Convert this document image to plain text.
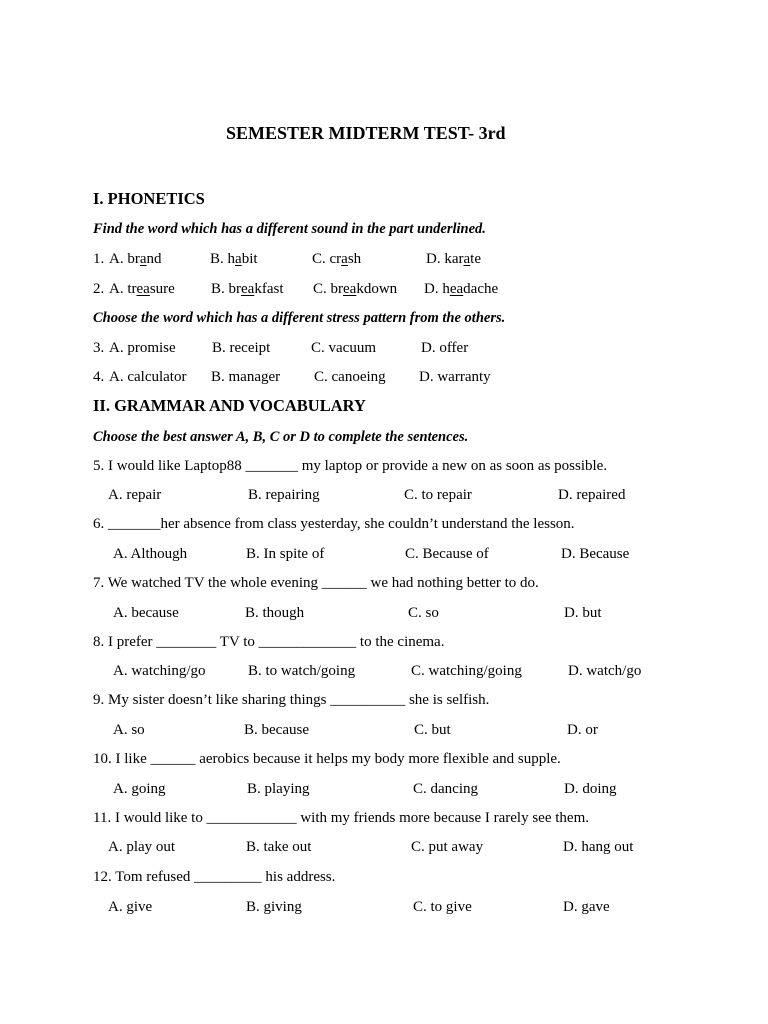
SEMESTER MIDTERM TEST- 3rd
I. PHONETICS
Find the word which has a different sound in the part underlined.
1. A. brand	B. habit	C. crash	D. karate
2. A. treasure B. breakfast C. breakdown D. headache
Choose the word which has a different stress pattern from the others.
3. A. promise B. receipt	C. vacuum	D. offer
4. A. calculator B. manager C. canoeing D. warranty
II. GRAMMAR AND VOCABULARY
Choose the best answer A, B, C or D to complete the sentences.
5. I would like Laptop88 _______ my laptop or provide a new on as soon as possible.
A. repair	B. repairing	C. to repair	D. repaired
6. _______her absence from class yesterday, she couldn’t understand the lesson.
A. Although	B. In spite of	C. Because of	D. Because
7. We watched TV the whole evening ______ we had nothing better to do.
A. because	B. though	C. so	D. but
8. I prefer ________ TV to _____________ to the cinema.
A. watching/go	B. to watch/going	C. watching/going	D. watch/go
9. My sister doesn’t like sharing things __________ she is selfish.
A. so	B. because	C. but	D. or
10. I like ______ aerobics because it helps my body more flexible and supple.
A. going	B. playing	C. dancing	D. doing
11. I would like to ____________ with my friends more because I rarely see them.
A. play out	B. take out	C. put away	D. hang out
12. Tom refused _________ his address.
A. give	B. giving	C. to give	D. gave
